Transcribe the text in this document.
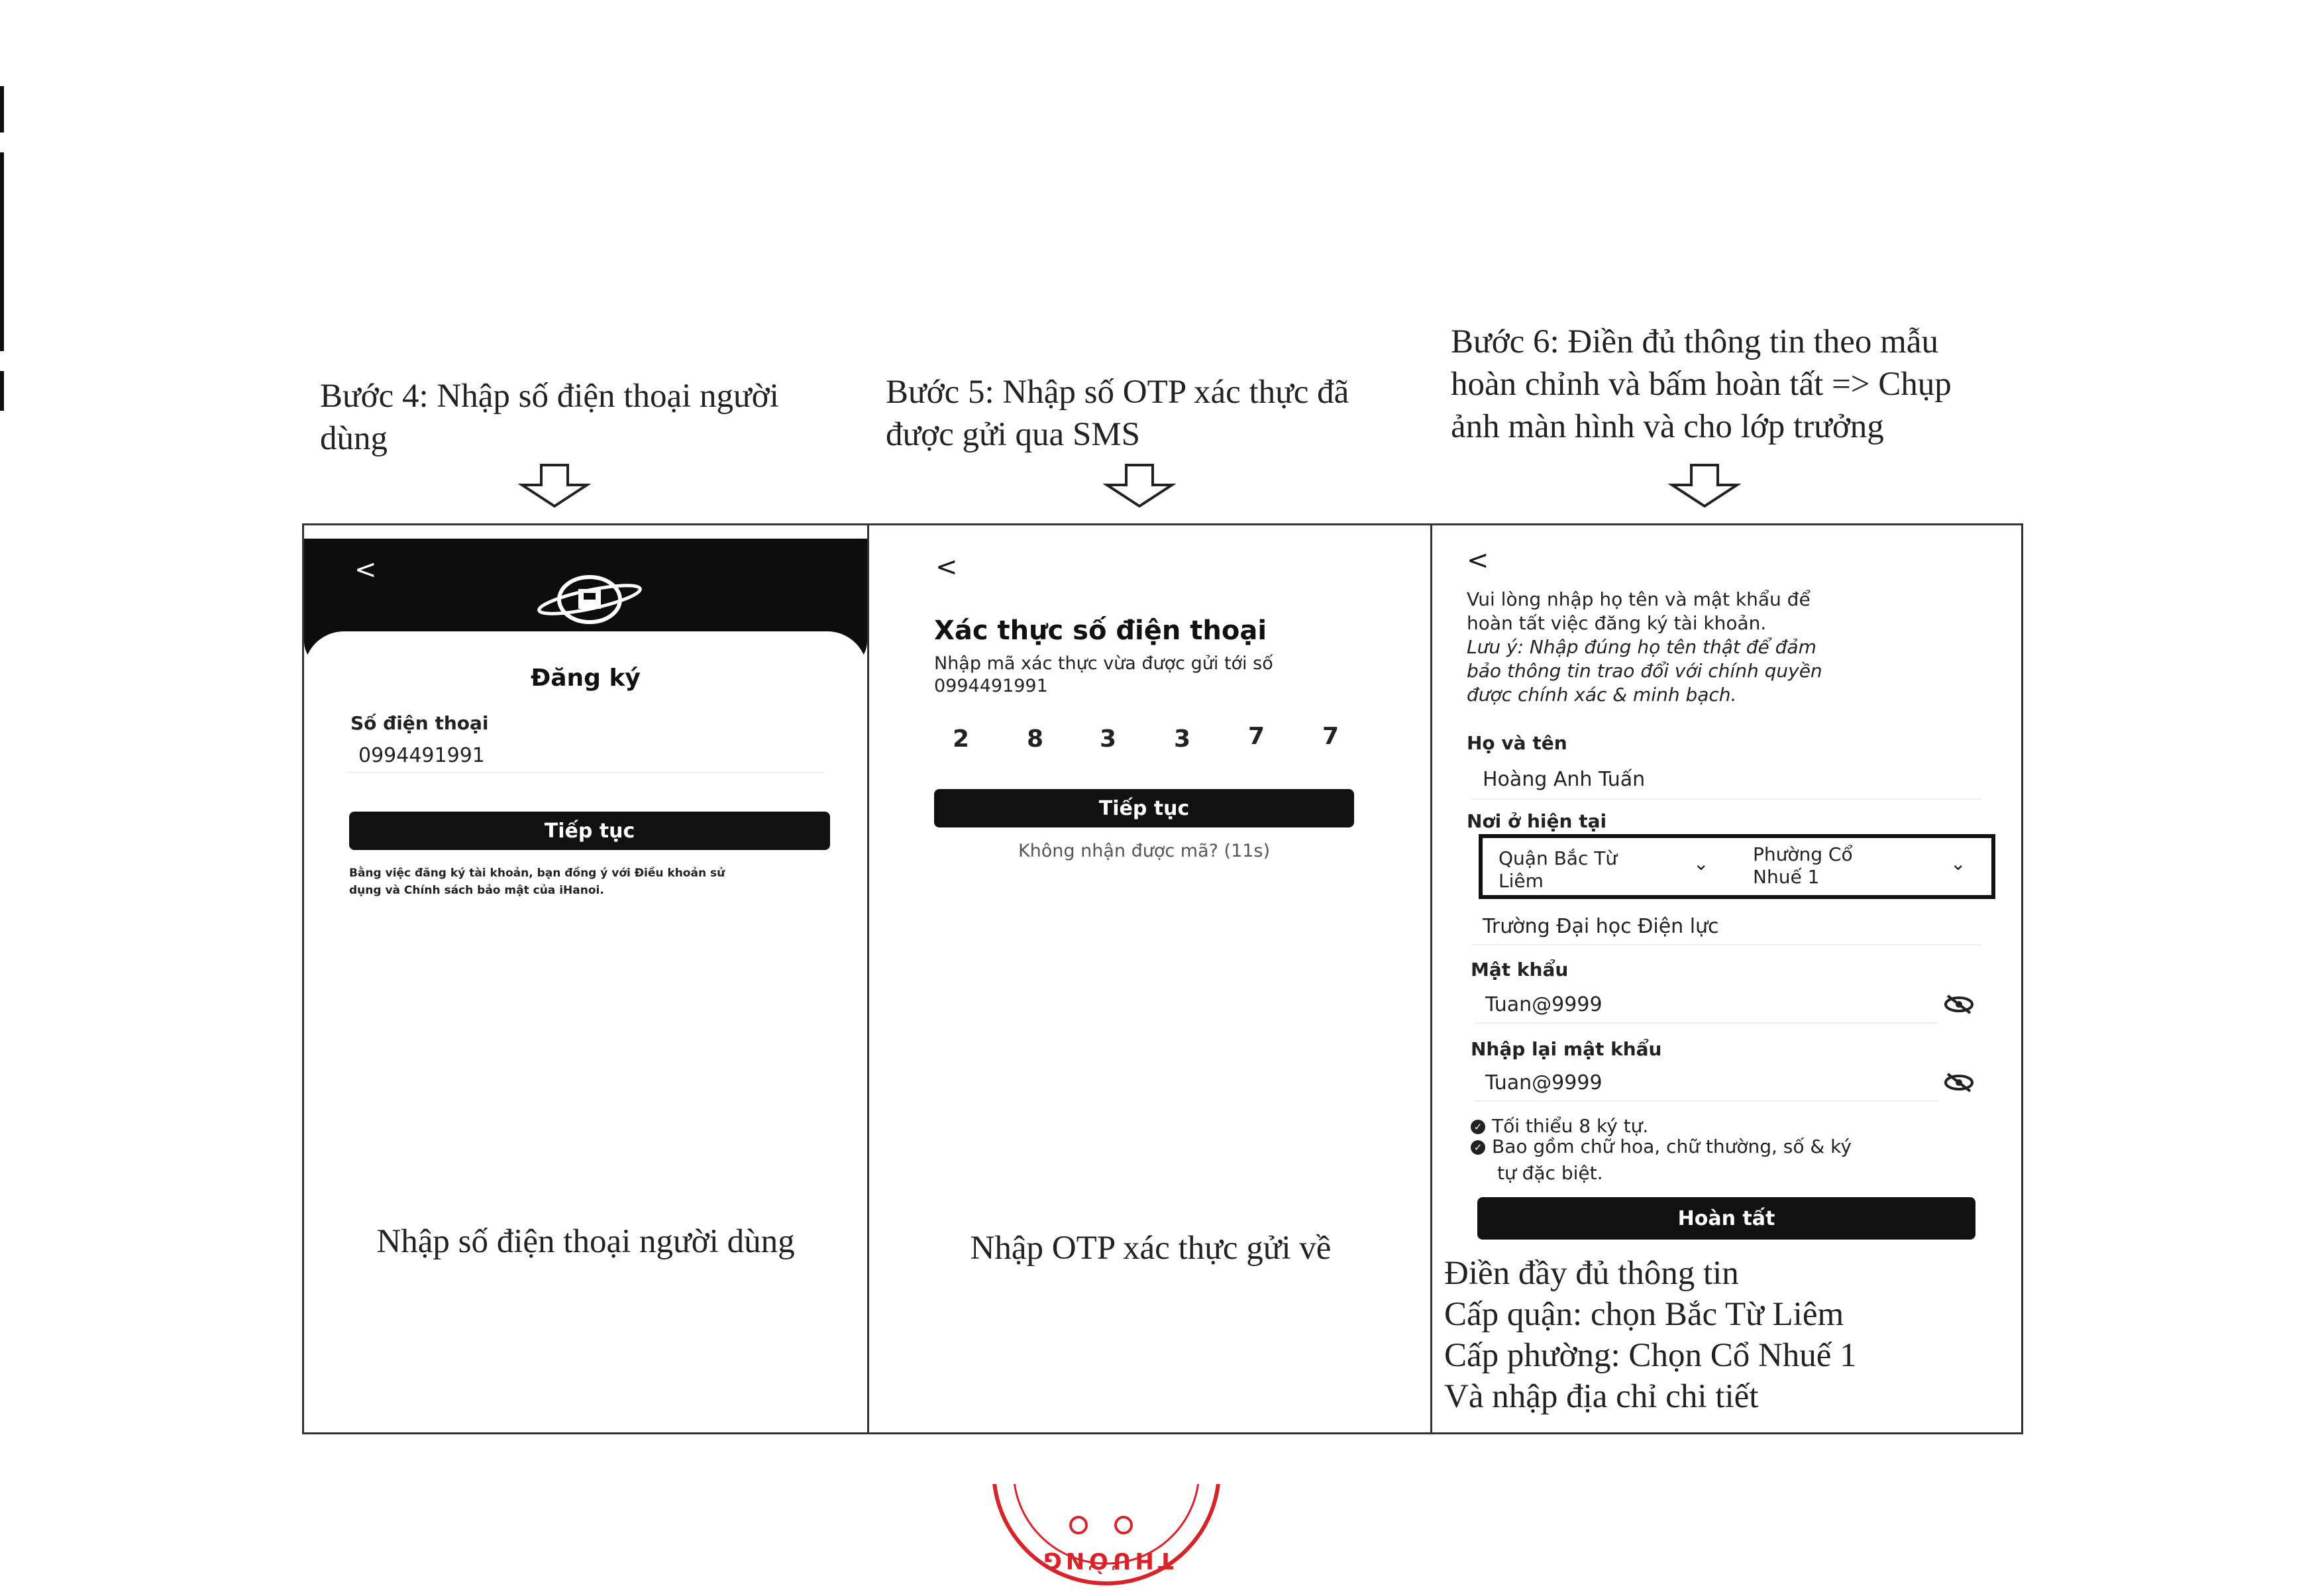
Bước 4: Nhập số điện thoại người
dùng
Bước 5: Nhập số OTP xác thực đã
được gửi qua SMS
Bước 6: Điền đủ thông tin theo mẫu
hoàn chỉnh và bấm hoàn tất => Chụp
ảnh màn hình và cho lớp trưởng
<
Đăng ký
Số điện thoại
0994491991
Tiếp tục
Bằng việc đăng ký tài khoản, bạn đồng ý với Điều khoản sử
dụng và Chính sách bảo mật của iHanoi.
Nhập số điện thoại người dùng
<
Xác thực số điện thoại
Nhập mã xác thực vừa được gửi tới số
0994491991
2 8 3 3 7 7
Tiếp tục
Không nhận được mã? (11s)
Nhập OTP xác thực gửi về
<
Vui lòng nhập họ tên và mật khẩu để
hoàn tất việc đăng ký tài khoản.
Lưu ý: Nhập đúng họ tên thật để đảm
bảo thông tin trao đổi với chính quyền
được chính xác & minh bạch.
Họ và tên
Hoàng Anh Tuấn
Nơi ở hiện tại
Quận Bắc Từ
Liêm
⌄ Phường Cổ
Nhuế 1
⌄
Trường Đại học Điện lực
Mật khẩu
Tuan@9999
Nhập lại mật khẩu
Tuan@9999
✓ Tối thiểu 8 ký tự.
✓ Bao gồm chữ hoa, chữ thường, số & ký
tự đặc biệt.
Hoàn tất
Điền đầy đủ thông tin
Cấp quận: chọn Bắc Từ Liêm
Cấp phường: Chọn Cổ Nhuế 1
Và nhập địa chỉ chi tiết
THƯỜNG
